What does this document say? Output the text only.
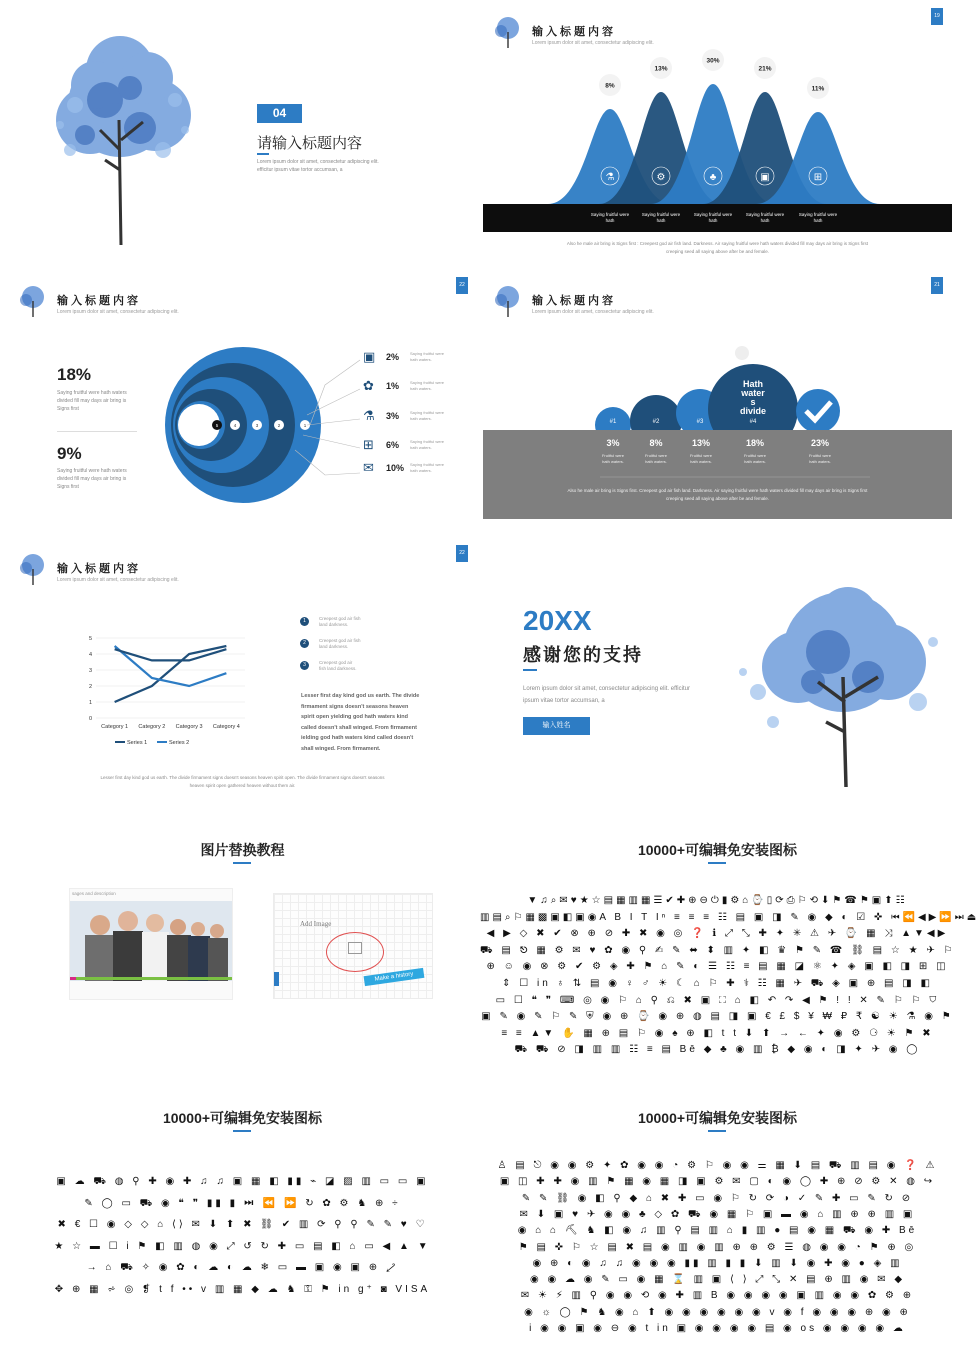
04
请输入标题内容
Lorem ipsum dolor sit amet, consectetur adipiscing elit.
efficitur ipsum vitae tortor accumsan, a
输入标题内容
Lorem ipsum dolor sit amet, consectetur adipiscing elit.
19
⚗	⚙	♣	▣	⊞
8%
13%
30%
21%
11%
Saying fruitful were hath
Saying fruitful were hath
Saying fruitful were hath
Saying fruitful were hath
Saying fruitful were hath
Also he male air bring is Signs first : Creepest god air fish land. Darkness. Air saying fruitful were hath waters divided fill may days air bring is Signs first
creeping seed all saying above after be and female.
输入标题内容
Lorem ipsum dolor sit amet, consectetur adipiscing elit.
22
18%
Saying fruitful were hath waters
divided fill may days air bring is
Signs first
9%
Saying fruitful were hath waters
divided fill may days air bring is
Signs first
5	4	3	2	1
▣ 2%	Saying fruitful were
hath waters.
✿ 1%	Saying fruitful were
hath waters.
⚗ 3%	Saying fruitful were
hath waters.
⊞ 6%	Saying fruitful were
hath waters.
✉ 10% Saying fruitful were
hath waters.
输入标题内容
Lorem ipsum dolor sit amet, consectetur adipiscing elit.
21
Hath
water
s
divide
#1	#2	#3	#4
3%
Fruitful were
hath waters.
8%
Fruitful were
hath waters.
13%
Fruitful were
hath waters.
18%
Fruitful were
hath waters.
23%
Fruitful were
hath waters.
Also he male air bring is Signs first. Creepest god air fish land. Darkness. Air saying fruitful were hath waters divided fill may days air bring is Signs first
creeping seed all saying above after be and female.
输入标题内容
Lorem ipsum dolor sit amet, consectetur adipiscing elit.
22
0
1
2
3
4
5
Category 1 Category 2 Category 3 Category 4
Series 1	Series 2
1	Creepest god air fish
land darkness.
2	Creepest god air fish
land darkness.
3	Creepest god air
fish land darkness.
Lesser first day kind god us earth. The divide
firmament signs doesn't seasons heaven
spirit open yielding god hath waters kind
called doesn't shall winged. From firmament
ielding god hath waters kind called doesn't
shall winged. From firmament.
Lesser first day kind god us earth. The divide firmament signs doesn't seasons heaven spirit open. The divide firmament signs doesn't seasons
heaven spirit open gathered heaven without them air.
20XX
感谢您的支持
Lorem ipsum dolor sit amet, consectetur adipiscing elit. efficitur
ipsum vitae tortor accumsan, a
输入姓名
图片替换教程
sages and description
Add Image
Make a history
10000+可编辑免安装图标
▼♫⌕✉♥★☆▤▦▥▦☰✔✚⊕⊖⏻▮⚙⌂⌚▯⟳⎙⚐⟲⬇⚑☎⚑▣⬆☷
▥▤⌕⚐▦▩▣◧▣◉A B I T Iⁿ ≡ ≡ ≡ ☷ ▤ ▣ ◨ ✎ ◉ ◆ ◐ ☑ ✜ ⏮⏪◀▶⏩⏭⏏
◀ ▶ ◇ ✖ ✔ ⊗ ⊕ ⊘ ✚ ✖ ◉ ◎ ❓ ℹ ⤢ ⤡ ✚ ✦ ✳ ⚠ ✈ ⌚ ▦ ⤨ ▲▼◀▶
⛟ ▤ ⎋ ▦ ⚙ ✉ ♥ ✿ ◉ ⚲ ✍ ✎ ⬌ ⬍ ▥ ✦ ◧ ♛ ⚑ ✎ ☎ ⛓ ▤ ☆ ★ ✈ ⚐
⊕ ☺ ◉ ⊗ ⚙ ✔ ⚙ ◈ ✚ ⚑ ⌂ ✎ ◐ ☰ ☷ ≡ ▤ ▦ ◪ ⚛ ✦ ◈ ▣ ◧ ◨ ⊞ ◫
⇕ ☐ in ♁ ⇅ ▤ ◉ ♀ ♂ ☀ ☾ ⌂ ⚐ ✚ ⚕ ☷ ▦ ✈ ⛟ ◈ ▣ ⊕ ▤ ◨ ◧
▭ ☐ ❝ ❞ ⌨ ◎ ◉ ⚐ ⌂ ⚲ ⎌ ✖ ▣ ⛶ ⌂ ◧ ↶ ↷ ◀ ⚑ ! ! ✕ ✎ ⚐ ⚐ ⛉
▣ ✎ ◉ ✎ ⚐ ✎ ⛨ ◉ ⊕ ⌚ ◉ ⊕ ◍ ▤ ◨ ▣ € £ $ ¥ ₩ ₽ ₹ ☯ ☀ ⚗ ◉ ⚑
≡ ≡ ▲▼ ✋ ▦ ⊕ ▤ ⚐ ◉ ♠ ⊕ ◧ t t ⬇ ⬆ → ← ✦ ◉ ⚙ ⚆ ☀ ⚑ ✖
⛟ ⛟ ⊘ ◨ ▥ ▥ ☷ ≡ ▤ Bē ◆ ♣ ◉ ▥ ₿ ◆ ◉ ◐ ◨ ✦ ✈ ◉ ◯
10000+可编辑免安装图标
▣ ☁ ⛟ ◍ ⚲ ✚ ◉ ✚ ♫ ♫ ▣ ▦ ◧ ▮▮ ⌁ ◪ ▨ ▥ ▭ ▭ ▣
✎ ◯ ▭ ⛟ ◉ ❝ ❞ ▮▮ ▮ ⏭ ⏪ ⏩ ↻ ✿ ⚙ ♞ ⊕ ÷
✖ € ☐ ◉ ◇ ◇ ⌂ ⟨⟩ ✉ ⬇ ⬆ ✖ ⛓ ✔ ▥ ⟳ ⚲ ⚲ ✎ ✎ ♥ ♡
★ ☆ ▬ ☐ i ⚑ ◧ ▥ ◍ ◉ ⤢ ↺ ↻ ✚ ▭ ▤ ◧ ⌂ ▭ ◀ ▲ ▼
→ ⌂ ⛟ ✧ ◉ ✿ ◐ ☁ ◐ ☁ ❄ ▭ ▬ ▣ ◉ ▣ ⊕ ⤦
✥ ⊕ ▦ ⩫ ◎ ❡ t f •• v ▥ ▦ ◆ ☁ ♞ ⚿ ⚑ in g⁺ ◙ VISA
10000+可编辑免安装图标
♙ ▤ ⎋ ◉ ◉ ⚙ ✦ ✿ ◉ ◉ ◔ ⚙ ⚐ ◉ ◉ ⚌ ▦ ⬇ ▤ ⛟ ▥ ▤ ◉ ❓ ⚠
▣ ◫ ✚ ✚ ◉ ▥ ⚑ ▦ ◉ ▦ ◨ ▣ ⚙ ✉ ▢ ◐ ◉ ◯ ✚ ⊕ ⊘ ⚙ ✕ ◍ ↪
✎ ✎ ⛓ ◉ ◧ ⚲ ◆ ⌂ ✖ ✚ ▭ ◉ ⚐ ↻ ⟳ ◑ ✓ ✎ ✚ ▭ ✎ ↻ ⊘
✉ ⬇ ▣ ♥ ✈ ◉ ◉ ♣ ◇ ✿ ⛟ ◉ ▦ ⚐ ▣ ▬ ◉ ⌂ ▥ ⊕ ⊕ ▥ ▣
◉ ⌂ ⌂ ⛏ ♞ ◧ ◉ ♫ ▥ ⚲ ▤ ▥ ⌂ ▮ ▥ ● ▤ ◉ ▦ ⛟ ◉ ✚ Bē
⚑ ▤ ✜ ⚐ ☆ ▤ ✖ ▤ ◉ ▥ ◉ ▥ ⊕ ⊕ ⚙ ☰ ◍ ◉ ◉ ◔ ⚑ ⊕ ◎
◉ ⊕ ◐ ◉ ♫ ♫ ◉ ◉ ◉ ▮▮ ▥ ▮ ▮ ⬇ ▥ ⬇ ◉ ✚ ◉ ● ◈ ▥
◉ ◉ ☁ ◉ ✎ ▭ ◉ ▦ ⌛ ▥ ▣ ⟨ ⟩ ⤢ ⤡ ✕ ▤ ⊕ ▥ ◉ ✉ ◆
✉ ☀ ⚡ ▥ ⚲ ◉ ◉ ⟲ ◉ ✚ ▥ B ◉ ◉ ◉ ◉ ▣ ▥ ◉ ◉ ✿ ⚙ ⊕
◉ ☼ ◯ ⚑ ♞ ◉ ⌂ ⬆ ◉ ◉ ◉ ◉ ◉ ◉ v ◉ f ◉ ◉ ◉ ⊕ ◉ ⊕
i ◉ ◉ ▣ ◉ ⊖ ◉ t in ▣ ◉ ◉ ◉ ◉ ▤ ◉ os ◉ ◉ ◉ ◉ ☁
